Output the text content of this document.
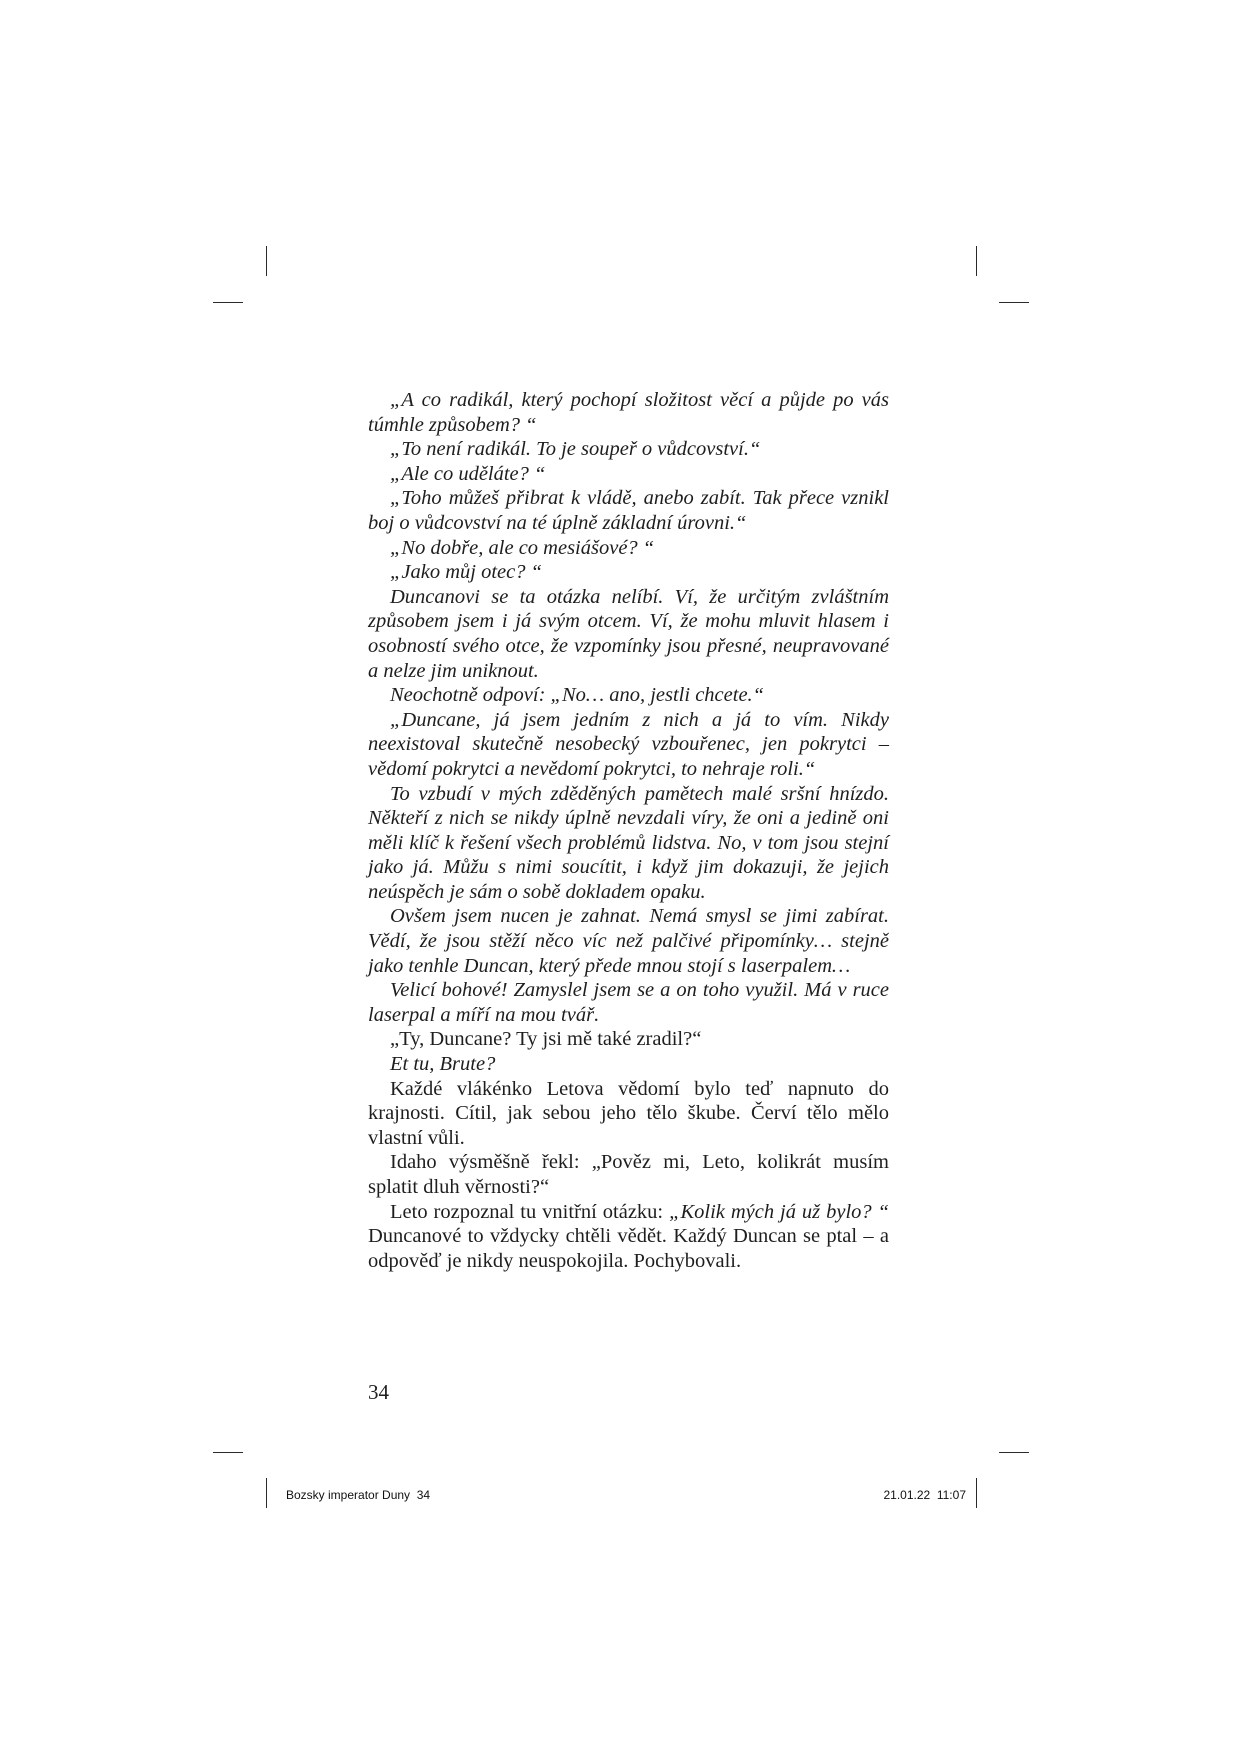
„A co radikál, který pochopí složitost věcí a půjde po vás túmhle způsobem? “

„To není radikál. To je soupeř o vůdcovství.“

„Ale co uděláte? “

„Toho můžeš přibrat k vládě, anebo zabít. Tak přece vznikl boj o vůdcovství na té úplně základní úrovni.“

„No dobře, ale co mesiášové? “

„Jako můj otec? “

Duncanovi se ta otázka nelíbí. Ví, že určitým zvláštním způsobem jsem i já svým otcem. Ví, že mohu mluvit hlasem i osobností svého otce, že vzpomínky jsou přesné, neupravované a nelze jim uniknout.

Neochotně odpoví: „No… ano, jestli chcete.“

„Duncane, já jsem jedním z nich a já to vím. Nikdy neexistoval skutečně nesobecký vzbouřenec, jen pokrytci – vědomí pokrytci a nevědomí pokrytci, to nehraje roli.“

To vzbudí v mých zděděných pamětech malé sršní hnízdo. Někteří z nich se nikdy úplně nevzdali víry, že oni a jedině oni měli klíč k řešení všech problémů lidstva. No, v tom jsou stejní jako já. Můžu s nimi soucítit, i když jim dokazuji, že jejich neúspěch je sám o sobě dokladem opaku.

Ovšem jsem nucen je zahnat. Nemá smysl se jimi zabírat. Vědí, že jsou stěží něco víc než palčivé připomínky… stejně jako tenhle Duncan, který přede mnou stojí s laserpalem…

Velicí bohové! Zamyslel jsem se a on toho využil. Má v ruce laserpal a míří na mou tvář.

„Ty, Duncane? Ty jsi mě také zradil?“

Et tu, Brute?

Každé vlákénko Letova vědomí bylo teď napnuto do krajnosti. Cítil, jak sebou jeho tělo škube. Červí tělo mělo vlastní vůli.

Idaho výsměšně řekl: „Pověz mi, Leto, kolikrát musím splatit dluh věrnosti?“

Leto rozpoznal tu vnitřní otázku: „Kolik mých já už bylo? “ Duncanové to vždycky chtěli vědět. Každý Duncan se ptal – a odpověď je nikdy neuspokojila. Pochybovali.

34
Bozsky imperator Duny  34	21.01.22  11:07
